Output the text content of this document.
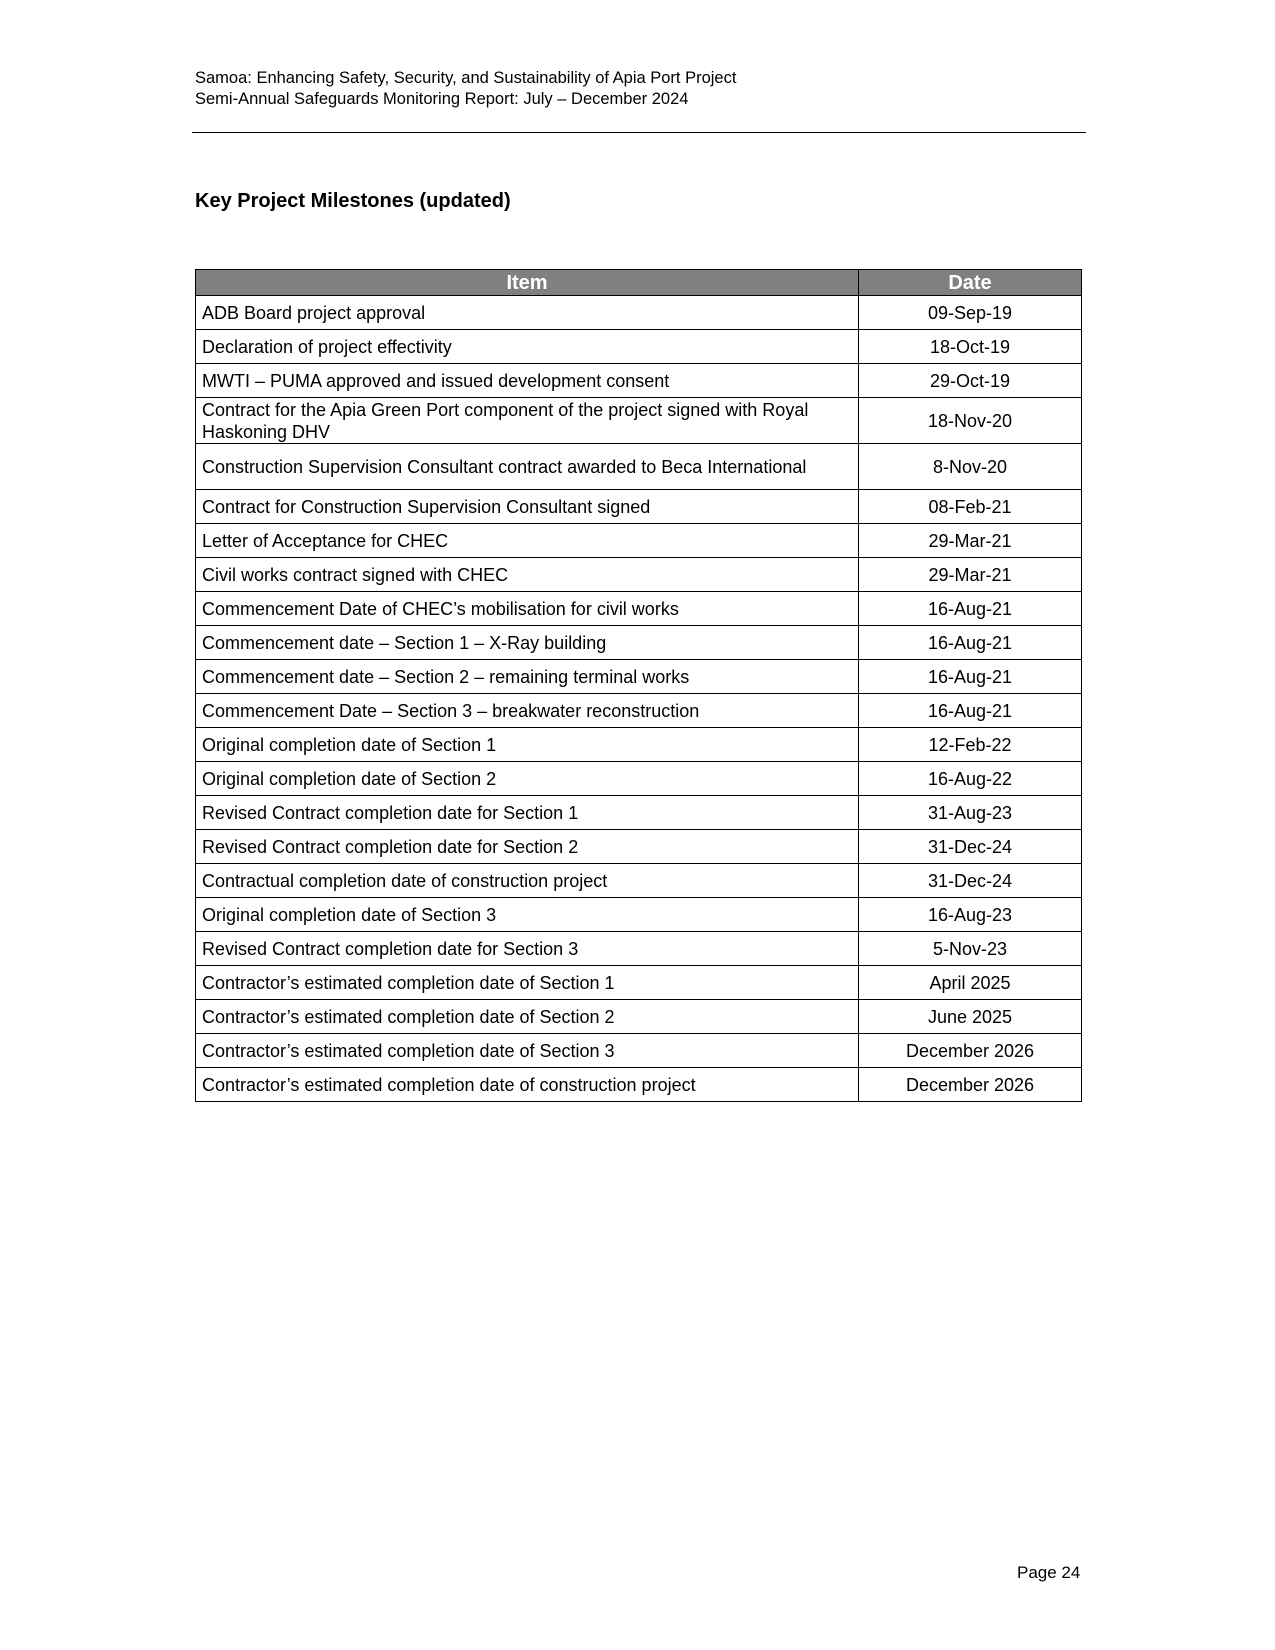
Samoa: Enhancing Safety, Security, and Sustainability of Apia Port Project
Semi-Annual Safeguards Monitoring Report: July – December 2024
Key Project Milestones (updated)
Item	Date
ADB Board project approval	09-Sep-19
Declaration of project effectivity	18-Oct-19
MWTI – PUMA approved and issued development consent	29-Oct-19
Contract for the Apia Green Port component of the project signed with Royal Haskoning DHV	18-Nov-20
Construction Supervision Consultant contract awarded to Beca International	8-Nov-20
Contract for Construction Supervision Consultant signed	08-Feb-21
Letter of Acceptance for CHEC	29-Mar-21
Civil works contract signed with CHEC	29-Mar-21
Commencement Date of CHEC’s mobilisation for civil works	16-Aug-21
Commencement date – Section 1 – X-Ray building	16-Aug-21
Commencement date – Section 2 – remaining terminal works	16-Aug-21
Commencement Date – Section 3 – breakwater reconstruction	16-Aug-21
Original completion date of Section 1	12-Feb-22
Original completion date of Section 2	16-Aug-22
Revised Contract completion date for Section 1	31-Aug-23
Revised Contract completion date for Section 2	31-Dec-24
Contractual completion date of construction project	31-Dec-24
Original completion date of Section 3	16-Aug-23
Revised Contract completion date for Section 3	5-Nov-23
Contractor’s estimated completion date of Section 1	April 2025
Contractor’s estimated completion date of Section 2	June 2025
Contractor’s estimated completion date of Section 3	December 2026
Contractor’s estimated completion date of construction project	December 2026
Page 24
